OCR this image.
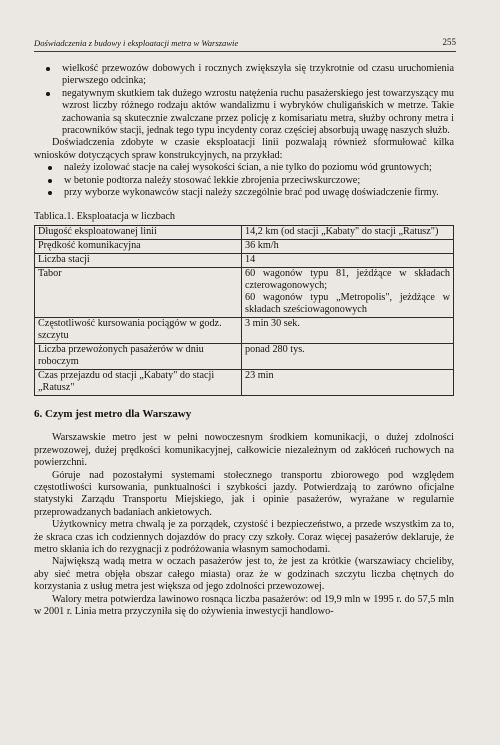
Doświadczenia z budowy i eksploatacji metra w Warszawie	255
wielkość przewozów dobowych i rocznych zwiększyła się trzykrotnie od czasu uruchomienia pierwszego odcinka;
negatywnym skutkiem tak dużego wzrostu natężenia ruchu pasażerskiego jest towarzyszący mu wzrost liczby różnego rodzaju aktów wandalizmu i wybryków chuligańskich w metrze. Takie zachowania są skutecznie zwalczane przez policję z komisariatu metra, służby ochrony metra i pracowników stacji, jednak tego typu incydenty coraz częściej absorbują uwagę naszych służb.

Doświadczenia zdobyte w czasie eksploatacji linii pozwalają również sformułować kilka wniosków dotyczących spraw konstrukcyjnych, na przykład:

należy izolować stacje na całej wysokości ścian, a nie tylko do poziomu wód gruntowych;
w betonie podtorza należy stosować lekkie zbrojenia przeciwskurczowe;
przy wyborze wykonawców stacji należy szczególnie brać pod uwagę doświadczenie firmy.

Tablica.1. Eksploatacja w liczbach

Długość eksploatowanej linii	14,2 km (od stacji „Kabaty" do stacji „Ratusz")
Prędkość komunikacyjna	36 km/h
Liczba stacji	14
Tabor	60 wagonów typu 81, jeżdżące w składach czterowagonowych;
60 wagonów typu „Metropolis", jeżdżące w składach sześciowagonowych

Częstotliwość kursowania pociągów w godz. szczytu	3 min 30 sek.
Liczba przewożonych pasażerów w dniu roboczym	ponad 280 tys.
Czas przejazdu od stacji „Kabaty" do stacji „Ratusz"	23 min
6. Czym jest metro dla Warszawy

Warszawskie metro jest w pełni nowoczesnym środkiem komunikacji, o dużej zdolności przewozowej, dużej prędkości komunikacyjnej, całkowicie niezależnym od zakłóceń ruchowych na powierzchni.

Góruje nad pozostałymi systemami stołecznego transportu zbiorowego pod względem częstotliwości kursowania, punktualności i szybkości jazdy. Potwierdzają to zarówno oficjalne statystyki Zarządu Transportu Miejskiego, jak i opinie pasażerów, wyrażane w regularnie przeprowadzanych badaniach ankietowych.

Użytkownicy metra chwalą je za porządek, czystość i bezpieczeństwo, a przede wszystkim za to, że skraca czas ich codziennych dojazdów do pracy czy szkoły. Coraz więcej pasażerów deklaruje, że metro skłania ich do rezygnacji z podróżowania własnym samochodami.

Największą wadą metra w oczach pasażerów jest to, że jest za krótkie (warszawiacy chcieliby, aby sieć metra objęła obszar całego miasta) oraz że w godzinach szczytu liczba chętnych do korzystania z usług metra jest większa od jego zdolności przewozowej.

Walory metra potwierdza lawinowo rosnąca liczba pasażerów: od 19,9 mln w 1995 r. do 57,5 mln w 2001 r. Linia metra przyczyniła się do ożywienia inwestycji handlowo-
